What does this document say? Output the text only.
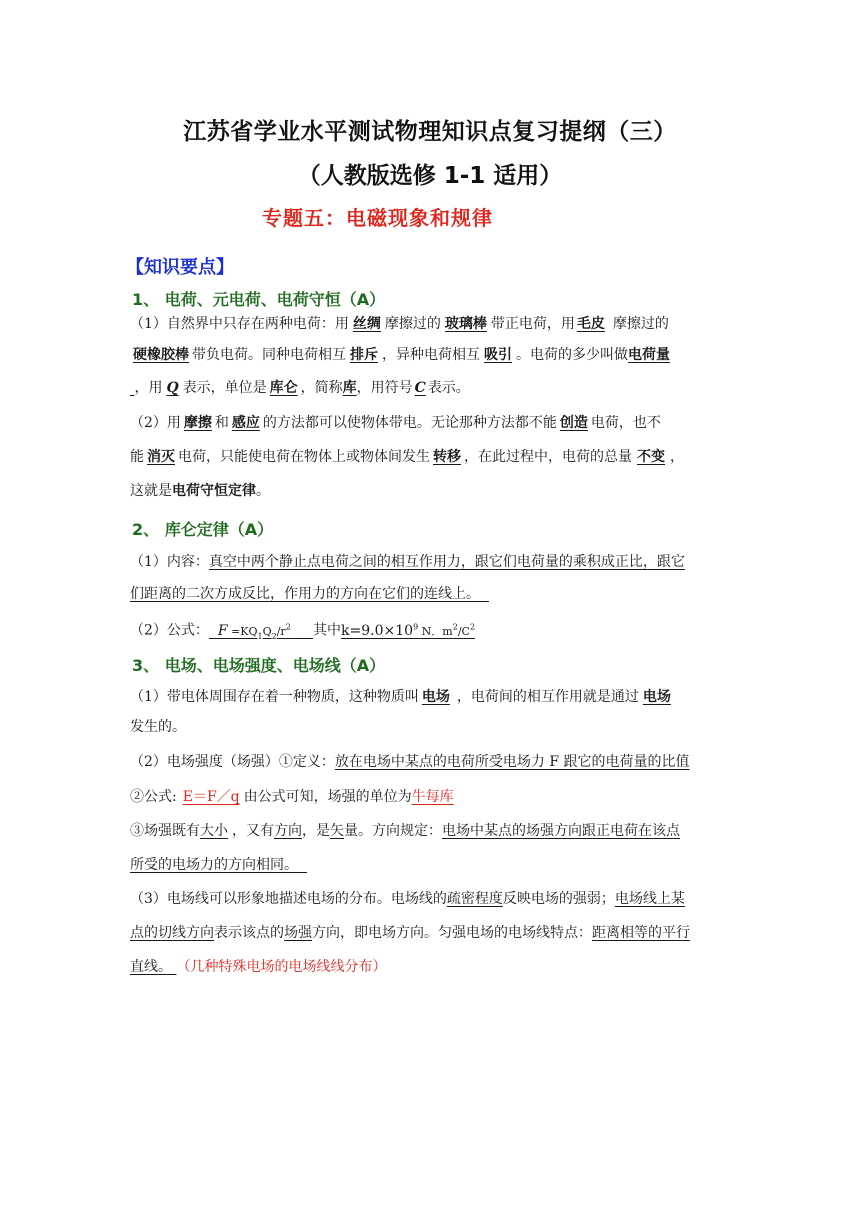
江苏省学业水平测试物理知识点复习提纲（三）
（人教版选修 1-1 适用）
专题五：电磁现象和规律
【知识要点】
1、 电荷、元电荷、电荷守恒（A）
（1）自然界中只存在两种电荷：用 丝绸 摩擦过的 玻璃棒 带正电荷，用 毛皮 摩擦过的
硬橡胶棒 带负电荷。同种电荷相互 排斥 ，异种电荷相互 吸引 。电荷的多少叫做电荷量
，用 Q 表示，单位是 库仑 ，简称库，用符号 C 表示。
（2）用 摩擦 和 感应 的方法都可以使物体带电。无论那种方法都不能 创造 电荷，也不
能 消灭 电荷，只能使电荷在物体上或物体间发生 转移 ，在此过程中，电荷的总量 不变 ，
这就是电荷守恒定律。
2、 库仑定律（A）
（1）内容：真空中两个静止点电荷之间的相互作用力，跟它们电荷量的乘积成正比，跟它
们距离的二次方成反比，作用力的方向在它们的连线上。
（2）公式： $F =KQ_1Q_2/r^2$ 其中$k=9.0\times 10^9$ N．$m^2/C^2$
3、 电场、电场强度、电场线（A）
（1）带电体周围存在着一种物质，这种物质叫 电场 ，电荷间的相互作用就是通过 电场
发生的。
（2）电场强度（场强）①定义：放在电场中某点的电荷所受电场力 F 跟它的电荷量的比值
②公式: E＝F／q 由公式可知，场强的单位为牛每库
③场强既有大小 ，又有方向，是矢量。方向规定：电场中某点的场强方向跟正电荷在该点
所受的电场力的方向相同。
（3）电场线可以形象地描述电场的分布。电场线的疏密程度反映电场的强弱；电场线上某
点的切线方向表示该点的场强方向，即电场方向。匀强电场的电场线特点：距离相等的平行
直线。 （几种特殊电场的电场线线分布）
